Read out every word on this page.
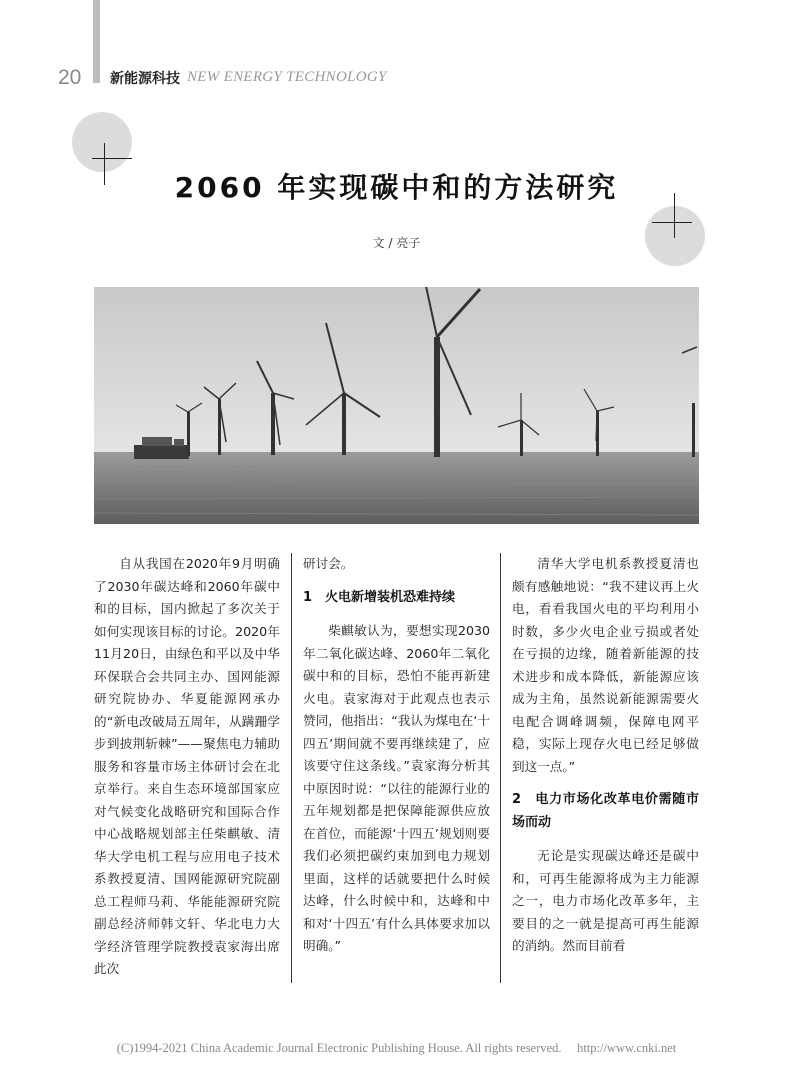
20 新能源科技 NEW ENERGY TECHNOLOGY
2060 年实现碳中和的方法研究
文 / 亮子

自从我国在2020年9月明确了2030年碳达峰和2060年碳中和的目标，国内掀起了多次关于如何实现该目标的讨论。2020年11月20日，由绿色和平以及中华环保联合会共同主办、国网能源研究院协办、华夏能源网承办的“新电改破局五周年，从蹒跚学步到披荆斩棘”——聚焦电力辅助服务和容量市场主体研讨会在北京举行。来自生态环境部国家应对气候变化战略研究和国际合作中心战略规划部主任柴麒敏、清华大学电机工程与应用电子技术系教授夏清、国网能源研究院副总工程师马莉、华能能源研究院副总经济师韩文轩、华北电力大学经济管理学院教授袁家海出席此次

研讨会。

1　火电新增装机恐难持续

柴麒敏认为，要想实现2030年二氧化碳达峰、2060年二氧化碳中和的目标，恐怕不能再新建火电。袁家海对于此观点也表示赞同，他指出：“我认为煤电在‘十四五’期间就不要再继续建了，应该要守住这条线。”袁家海分析其中原因时说：“以往的能源行业的五年规划都是把保障能源供应放在首位，而能源‘十四五’规划则要我们必须把碳约束加到电力规划里面，这样的话就要把什么时候达峰，什么时候中和，达峰和中和对‘十四五’有什么具体要求加以明确。”

清华大学电机系教授夏清也颇有感触地说：“我不建议再上火电，看看我国火电的平均利用小时数，多少火电企业亏损或者处在亏损的边缘，随着新能源的技术进步和成本降低，新能源应该成为主角，虽然说新能源需要火电配合调峰调频，保障电网平稳，实际上现存火电已经足够做到这一点。”

2　电力市场化改革电价需随市场而动

无论是实现碳达峰还是碳中和，可再生能源将成为主力能源之一，电力市场化改革多年，主要目的之一就是提高可再生能源的消纳。然而目前看

(C)1994-2021 China Academic Journal Electronic Publishing House. All rights reserved.　 http://www.cnki.net
